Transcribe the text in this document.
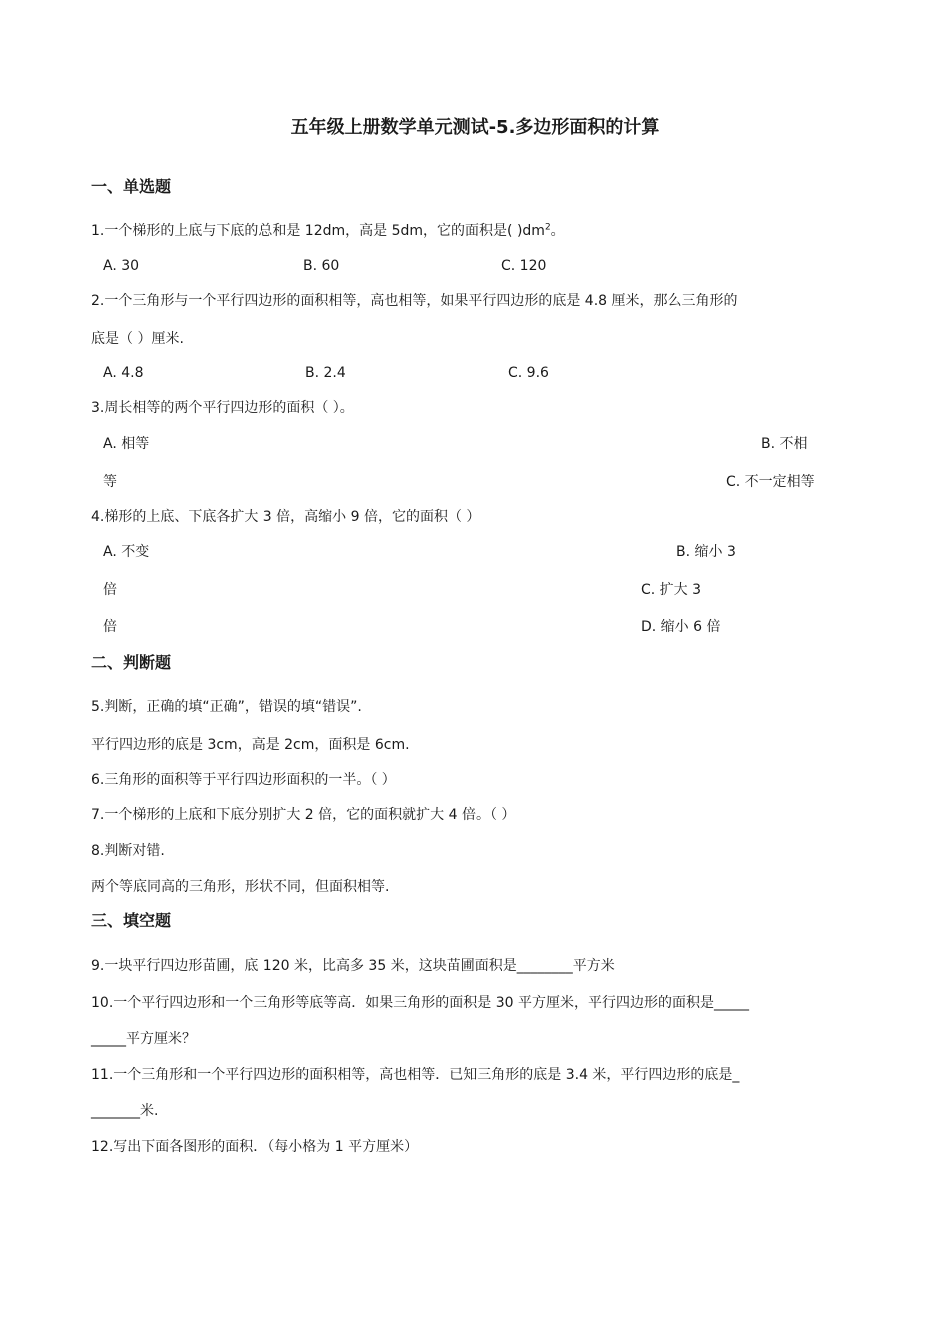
五年级上册数学单元测试-5.多边形面积的计算
一、单选题
1.一个梯形的上底与下底的总和是 12dm，高是 5dm，它的面积是( )$dm^2$。
A. 30	B. 60	C. 120
2.一个三角形与一个平行四边形的面积相等，高也相等，如果平行四边形的底是 4.8 厘米，那么三角形的
底是（ ）厘米.
A. 4.8	B. 2.4	C. 9.6
3.周长相等的两个平行四边形的面积（ ）。
A. 相等	B. 不相
等	C. 不一定相等
4.梯形的上底、下底各扩大 3 倍，高缩小 9 倍，它的面积（ ）
A. 不变	B. 缩小 3
倍	C. 扩大 3
倍	D. 缩小 6 倍
二、判断题
5.判断，正确的填“正确”，错误的填“错误”.
平行四边形的底是 3cm，高是 2cm，面积是 6cm.
6.三角形的面积等于平行四边形面积的一半。（ ）
7.一个梯形的上底和下底分别扩大 2 倍，它的面积就扩大 4 倍。（ ）
8.判断对错.
两个等底同高的三角形，形状不同，但面积相等.
三、填空题
9.一块平行四边形苗圃，底 120 米，比高多 35 米，这块苗圃面积是________平方米
10.一个平行四边形和一个三角形等底等高．如果三角形的面积是 30 平方厘米，平行四边形的面积是_____
_____平方厘米？
11.一个三角形和一个平行四边形的面积相等，高也相等．已知三角形的底是 3.4 米，平行四边形的底是_
_______米.
12.写出下面各图形的面积．（每小格为 1 平方厘米）
